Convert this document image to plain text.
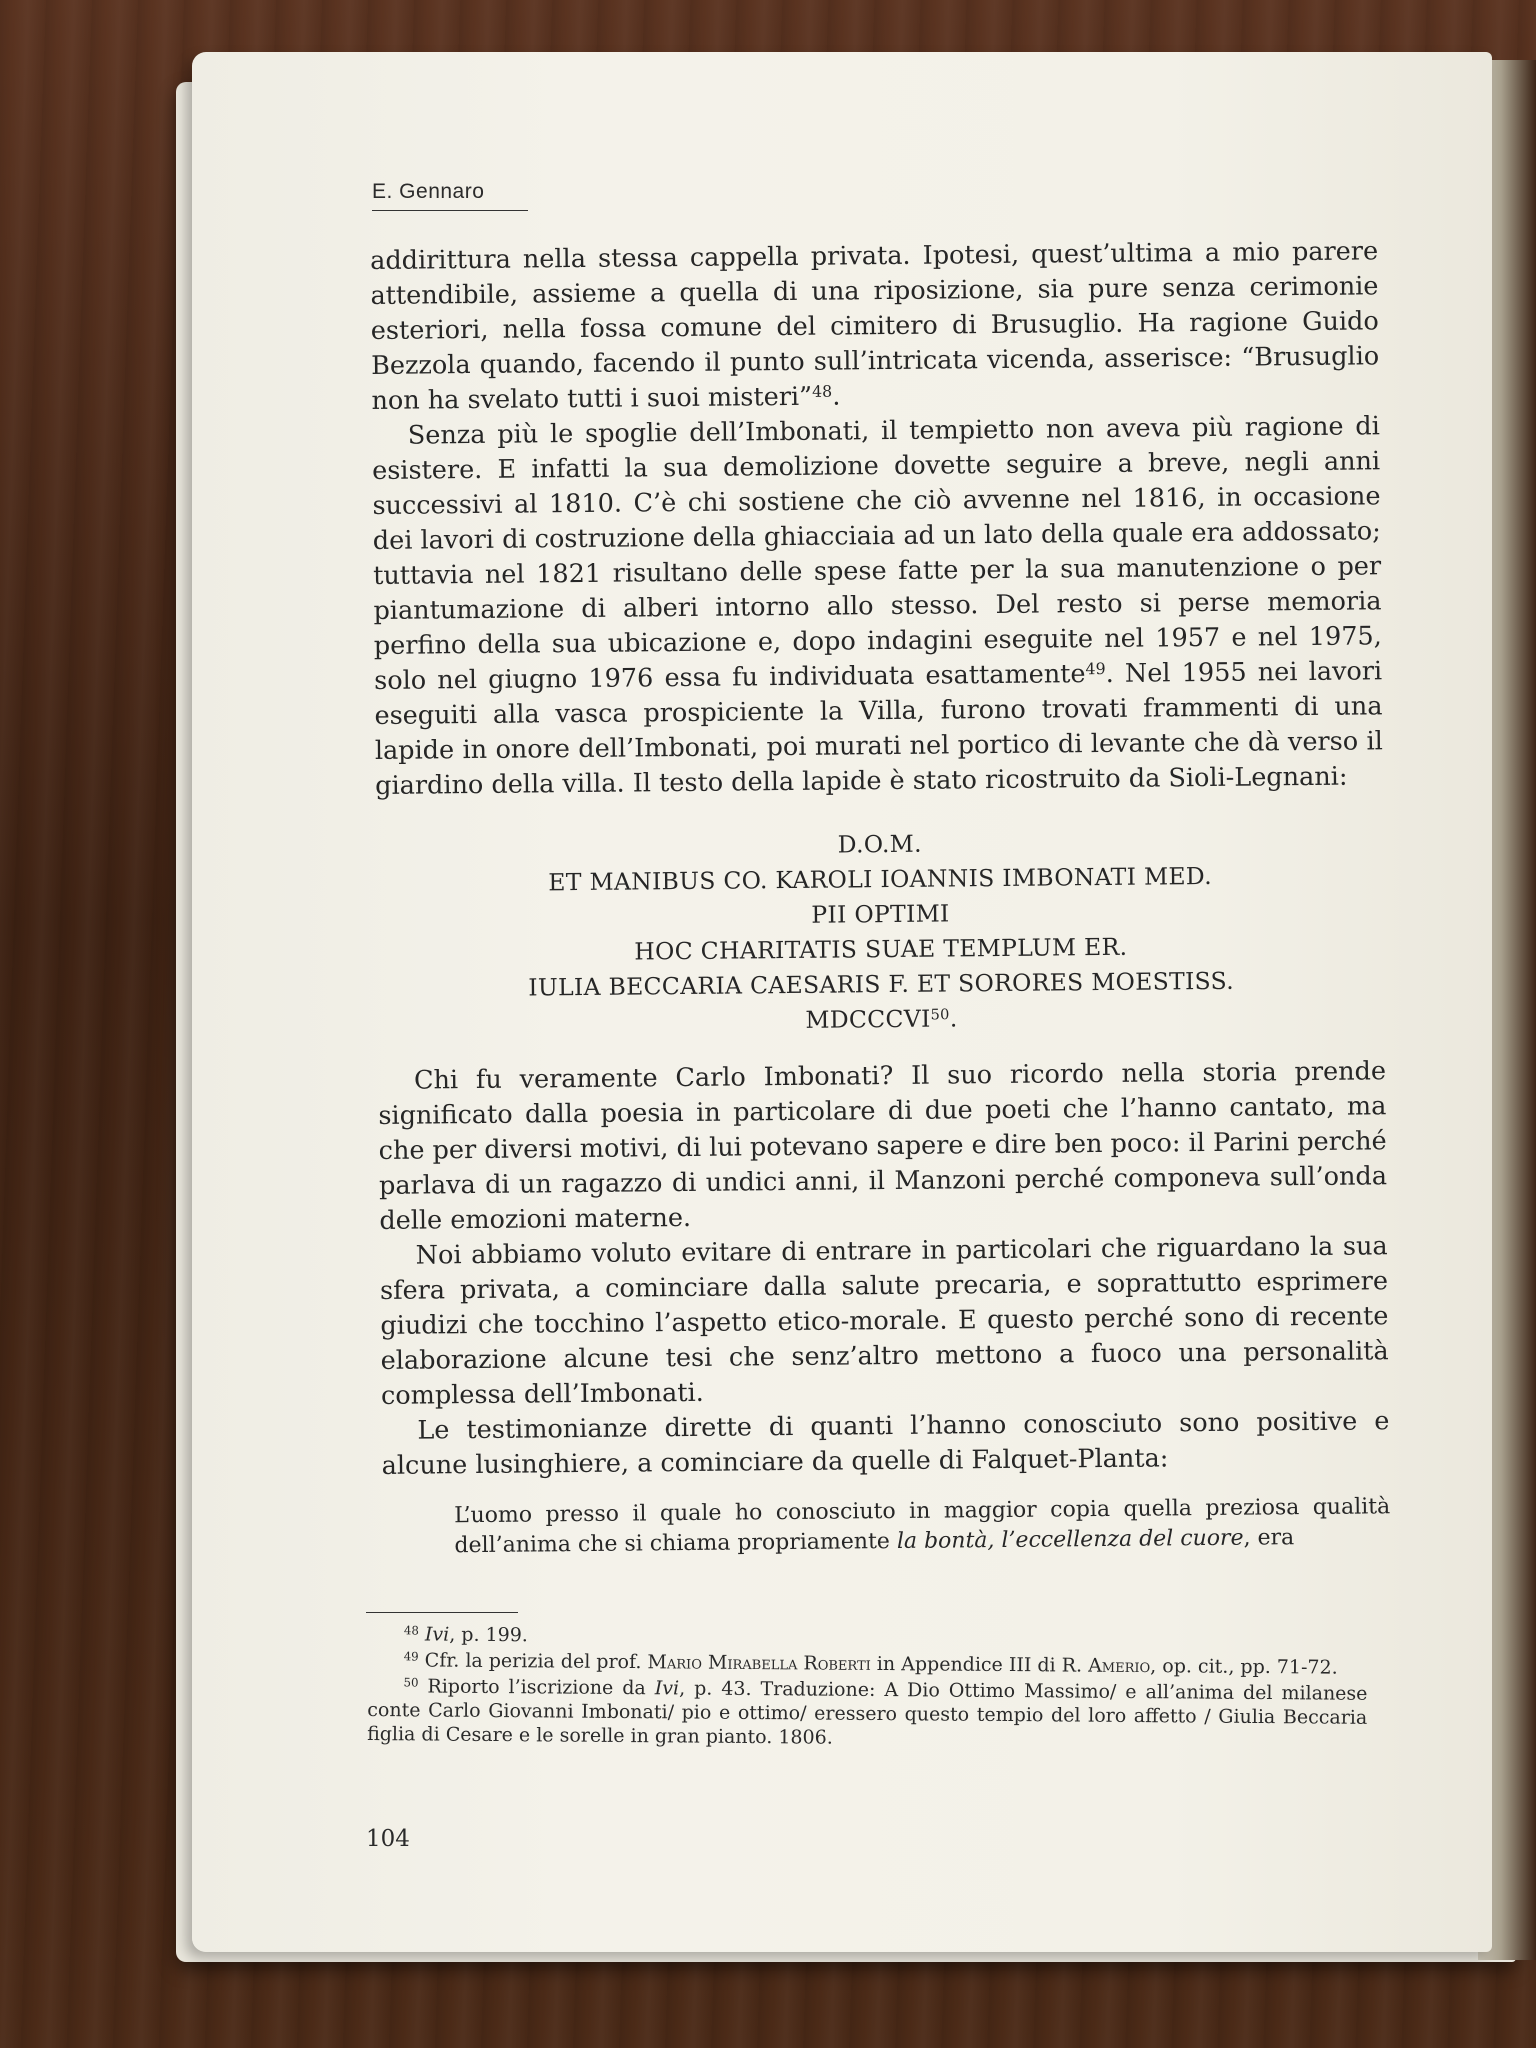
E. Gennaro

addirittura nella stessa cappella privata. Ipotesi, quest’ultima a mio parere attendibile, assieme a quella di una riposizione, sia pure senza cerimonie esteriori, nella fossa comune del cimitero di Brusuglio. Ha ragione Guido Bezzola quando, facendo il punto sull’intricata vicenda, asserisce: “Brusuglio non ha svelato tutti i suoi misteri”$^{48}$.

Senza più le spoglie dell’Imbonati, il tempietto non aveva più ragione di esistere. E infatti la sua demolizione dovette seguire a breve, negli anni successivi al 1810. C’è chi sostiene che ciò avvenne nel 1816, in occasione dei lavori di costruzione della ghiacciaia ad un lato della quale era addossato; tuttavia nel 1821 risultano delle spese fatte per la sua manutenzione o per piantumazione di alberi intorno allo stesso. Del resto si perse memoria perfino della sua ubicazione e, dopo indagini eseguite nel 1957 e nel 1975, solo nel giugno 1976 essa fu individuata esattamente$^{49}$. Nel 1955 nei lavori eseguiti alla vasca prospiciente la Villa, furono trovati frammenti di una lapide in onore dell’Imbonati, poi murati nel portico di levante che dà verso il giardino della villa. Il testo della lapide è stato ricostruito da Sioli-Legnani:

D.O.M.
ET MANIBUS CO. KAROLI IOANNIS IMBONATI MED.
PII OPTIMI
HOC CHARITATIS SUAE TEMPLUM ER.
IULIA BECCARIA CAESARIS F. ET SORORES MOESTISS.
MDCCCVI$^{50}$.

Chi fu veramente Carlo Imbonati? Il suo ricordo nella storia prende significato dalla poesia in particolare di due poeti che l’hanno cantato, ma che per diversi motivi, di lui potevano sapere e dire ben poco: il Parini perché parlava di un ragazzo di undici anni, il Manzoni perché componeva sull’onda delle emozioni materne.

Noi abbiamo voluto evitare di entrare in particolari che riguardano la sua sfera privata, a cominciare dalla salute precaria, e soprattutto esprimere giudizi che tocchino l’aspetto etico-morale. E questo perché sono di recente elaborazione alcune tesi che senz’altro mettono a fuoco una personalità complessa dell’Imbonati.

Le testimonianze dirette di quanti l’hanno conosciuto sono positive e alcune lusinghiere, a cominciare da quelle di Falquet-Planta:

L’uomo presso il quale ho conosciuto in maggior copia quella preziosa qualità dell’anima che si chiama propriamente la bontà, l’eccellenza del cuore, era

$^{48}$ Ivi, p. 199.

$^{49}$ Cfr. la perizia del prof. Mario Mirabella Roberti in Appendice III di R. Amerio, op. cit., pp. 71-72.

$^{50}$ Riporto l’iscrizione da Ivi, p. 43. Traduzione: A Dio Ottimo Massimo/ e all’anima del milanese conte Carlo Giovanni Imbonati/ pio e ottimo/ eressero questo tempio del loro affetto / Giulia Beccaria figlia di Cesare e le sorelle in gran pianto. 1806.

104
